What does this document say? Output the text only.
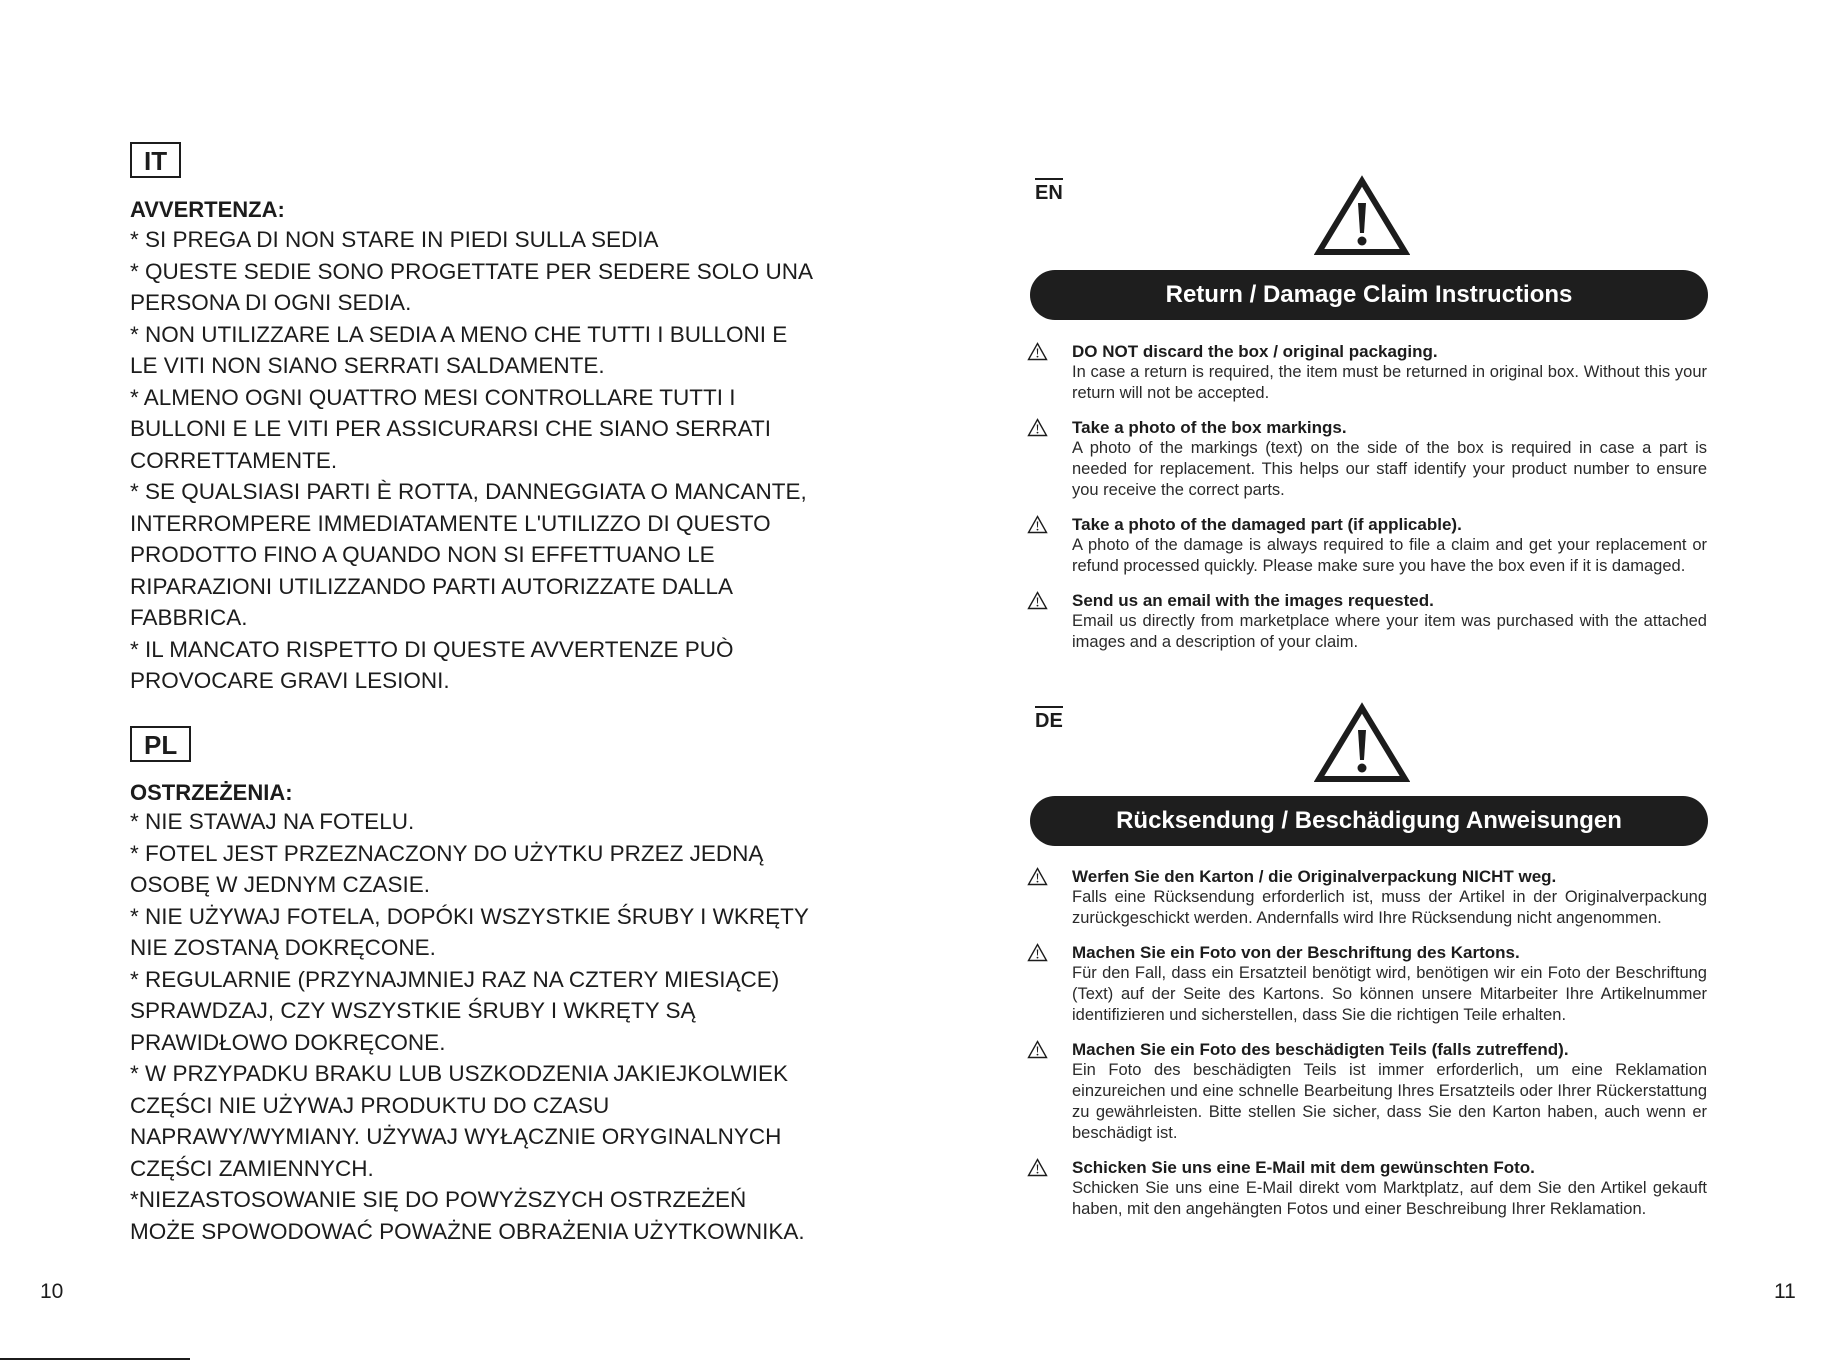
IT
AVVERTENZA:
* SI PREGA DI NON STARE IN PIEDI SULLA SEDIA
* QUESTE SEDIE SONO PROGETTATE PER SEDERE SOLO UNA
PERSONA DI OGNI SEDIA.
* NON UTILIZZARE LA SEDIA A MENO CHE TUTTI I BULLONI E
LE VITI NON SIANO SERRATI SALDAMENTE.
* ALMENO OGNI QUATTRO MESI CONTROLLARE TUTTI I
BULLONI E LE VITI PER ASSICURARSI CHE SIANO SERRATI
CORRETTAMENTE.
* SE QUALSIASI PARTI È ROTTA, DANNEGGIATA O MANCANTE,
INTERROMPERE IMMEDIATAMENTE L'UTILIZZO DI QUESTO
PRODOTTO FINO A QUANDO NON SI EFFETTUANO LE
RIPARAZIONI UTILIZZANDO PARTI AUTORIZZATE DALLA
FABBRICA.
* IL MANCATO RISPETTO DI QUESTE AVVERTENZE PUÒ
PROVOCARE GRAVI LESIONI.
PL
OSTRZEŻENIA:
* NIE STAWAJ NA FOTELU.
* FOTEL JEST PRZEZNACZONY DO UŻYTKU PRZEZ JEDNĄ
OSOBĘ W JEDNYM CZASIE.
* NIE UŻYWAJ FOTELA, DOPÓKI WSZYSTKIE ŚRUBY I WKRĘTY
NIE ZOSTANĄ DOKRĘCONE.
* REGULARNIE (PRZYNAJMNIEJ RAZ NA CZTERY MIESIĄCE)
SPRAWDZAJ, CZY WSZYSTKIE ŚRUBY I WKRĘTY SĄ
PRAWIDŁOWO DOKRĘCONE.
* W PRZYPADKU BRAKU LUB USZKODZENIA JAKIEJKOLWIEK
CZĘŚCI NIE UŻYWAJ PRODUKTU DO CZASU
NAPRAWY/WYMIANY. UŻYWAJ WYŁĄCZNIE ORYGINALNYCH
CZĘŚCI ZAMIENNYCH.
*NIEZASTOSOWANIE SIĘ DO POWYŻSZYCH OSTRZEŻEŃ
MOŻE SPOWODOWAĆ POWAŻNE OBRAŻENIA UŻYTKOWNIKA.
10
EN
Return / Damage Claim Instructions
DO NOT discard the box / original packaging.
In case a return is required, the item must be returned in original box. Without this your return will not be accepted.
Take a photo of the box markings.
A photo of the markings (text) on the side of the box is required in case a part is needed for replacement. This helps our staff identify your product number to ensure you receive the correct parts.
Take a photo of the damaged part (if applicable).
A photo of the damage is always required to file a claim and get your replacement or refund processed quickly. Please make sure you have the box even if it is damaged.
Send us an email with the images requested.
Email us directly from marketplace where your item was purchased with the attached images and a description of your claim.
DE
Rücksendung / Beschädigung Anweisungen
Werfen Sie den Karton / die Originalverpackung NICHT weg.
Falls eine Rücksendung erforderlich ist, muss der Artikel in der Originalverpackung zurückgeschickt werden. Andernfalls wird Ihre Rücksendung nicht angenommen.
Machen Sie ein Foto von der Beschriftung des Kartons.
Für den Fall, dass ein Ersatzteil benötigt wird, benötigen wir ein Foto der Beschriftung (Text) auf der Seite des Kartons. So können unsere Mitarbeiter Ihre Artikelnummer identifizieren und sicherstellen, dass Sie die richtigen Teile erhalten.
Machen Sie ein Foto des beschädigten Teils (falls zutreffend).
Ein Foto des beschädigten Teils ist immer erforderlich, um eine Reklamation einzureichen und eine schnelle Bearbeitung Ihres Ersatzteils oder Ihrer Rückerstattung zu gewährleisten. Bitte stellen Sie sicher, dass Sie den Karton haben, auch wenn er beschädigt ist.
Schicken Sie uns eine E-Mail mit dem gewünschten Foto.
Schicken Sie uns eine E-Mail direkt vom Marktplatz, auf dem Sie den Artikel gekauft haben, mit den angehängten Fotos und einer Beschreibung Ihrer Reklamation.
11
